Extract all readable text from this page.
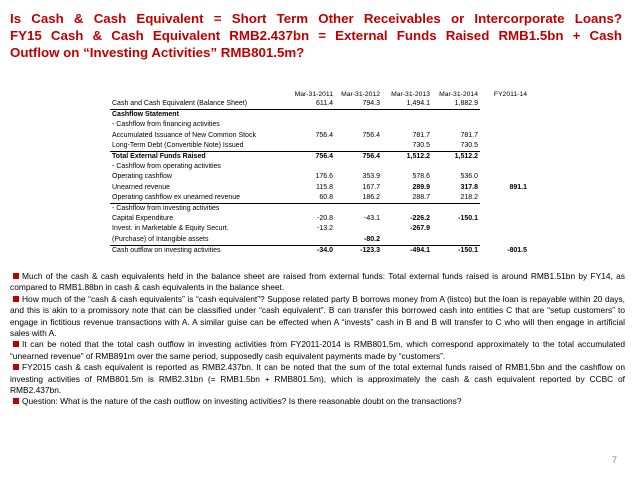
Is Cash & Cash Equivalent = Short Term Other Receivables or Intercorporate Loans?
FY15 Cash & Cash Equivalent RMB2.437bn = External Funds Raised RMB1.5bn + Cash
Outflow on “Investing Activities” RMB801.5m?
	Mar-31-2011	Mar-31-2012	Mar-31-2013	Mar-31-2014	FY2011-14
Cash and Cash Equivalent (Balance Sheet)	611.4	794.3	1,494.1	1,882.9	
Cashflow Statement					
- Cashflow from financing activities					
Accumulated Issuance of New Common Stock	756.4	756.4	781.7	781.7	
Long-Term Debt (Convertible Note) Issued			730.5	730.5	
Total External Funds Raised	756.4	756.4	1,512.2	1,512.2	
- Cashflow from operating activities					
Operating cashflow	176.6	353.9	578.6	536.0	
Unearned revenue	115.8	167.7	289.9	317.8	891.1
Operating cashflow ex unearned revenue	60.8	186.2	288.7	218.2	
- Cashflow from investing activities					
Capital Expenditure	-20.8	-43.1	-226.2	-150.1	
Invest. in Marketable & Equity Securt.	-13.2		-267.9		
(Purchase) of Intangible assets		-80.2			
Cash outflow on investing activities	-34.0	-123.3	-494.1	-150.1	-801.5

Much of the cash & cash equivalents held in the balance sheet are raised from external funds: Total external funds raised is around RMB1.51bn by FY14, as compared to RMB1.88bn in cash & cash equivalents in the balance sheet.

How much of the “cash & cash equivalents” is “cash equivalent”? Suppose related party B borrows money from A (listco) but the loan is repayable within 20 days, and this is akin to a promissory note that can be classified under “cash equivalent”. B can transfer this borrowed cash into entities C that are “setup customers” to engage in fictitious revenue transactions with A. A similar guise can be effected when A “invests” cash in B and B will transfer to C who will then engage in artificial sales with A.

It can be noted that the total cash outflow in investing activities from FY2011-2014 is RMB801.5m, which correspond approximately to the total accumulated “unearned revenue” of RMB891m over the same period, supposedly cash equivalent payments made by “customers”.

FY2015 cash & cash equivalent is reported as RMB2.437bn. It can be noted that the sum of the total external funds raised of RMB1.5bn and the cashflow on investing activities of RMB801.5m is RMB2.31bn (= RMB1.5bn + RMB801.5m), which is approximately the cash & cash equivalent reported by CCBC of RMB2.437bn.

Question: What is the nature of the cash outflow on investing activities? Is there reasonable doubt on the transactions?

7
